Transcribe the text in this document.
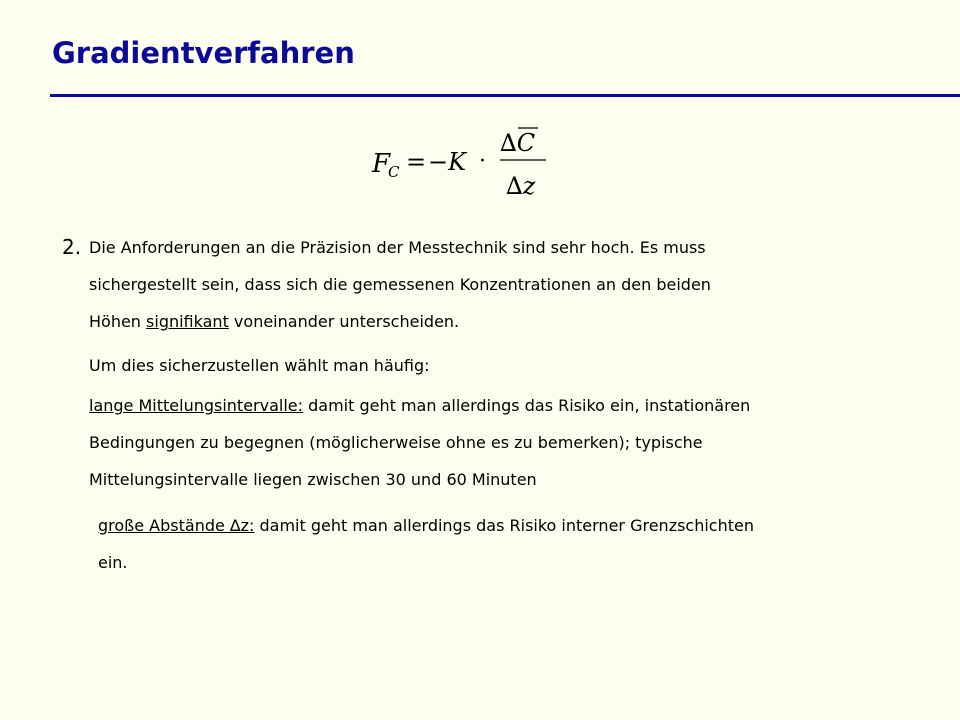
Gradientverfahren
F
C = −K ·
∆C
∆z
2. Die Anforderungen an die Präzision der Messtechnik sind sehr hoch. Es muss
sichergestellt sein, dass sich die gemessenen Konzentrationen an den beiden
Höhen signifikant voneinander unterscheiden.
Um dies sicherzustellen wählt man häufig:
lange Mittelungsintervalle: damit geht man allerdings das Risiko ein, instationären
Bedingungen zu begegnen (möglicherweise ohne es zu bemerken); typische
Mittelungsintervalle liegen zwischen 30 und 60 Minuten
große Abstände ∆z: damit geht man allerdings das Risiko interner Grenzschichten
ein.
